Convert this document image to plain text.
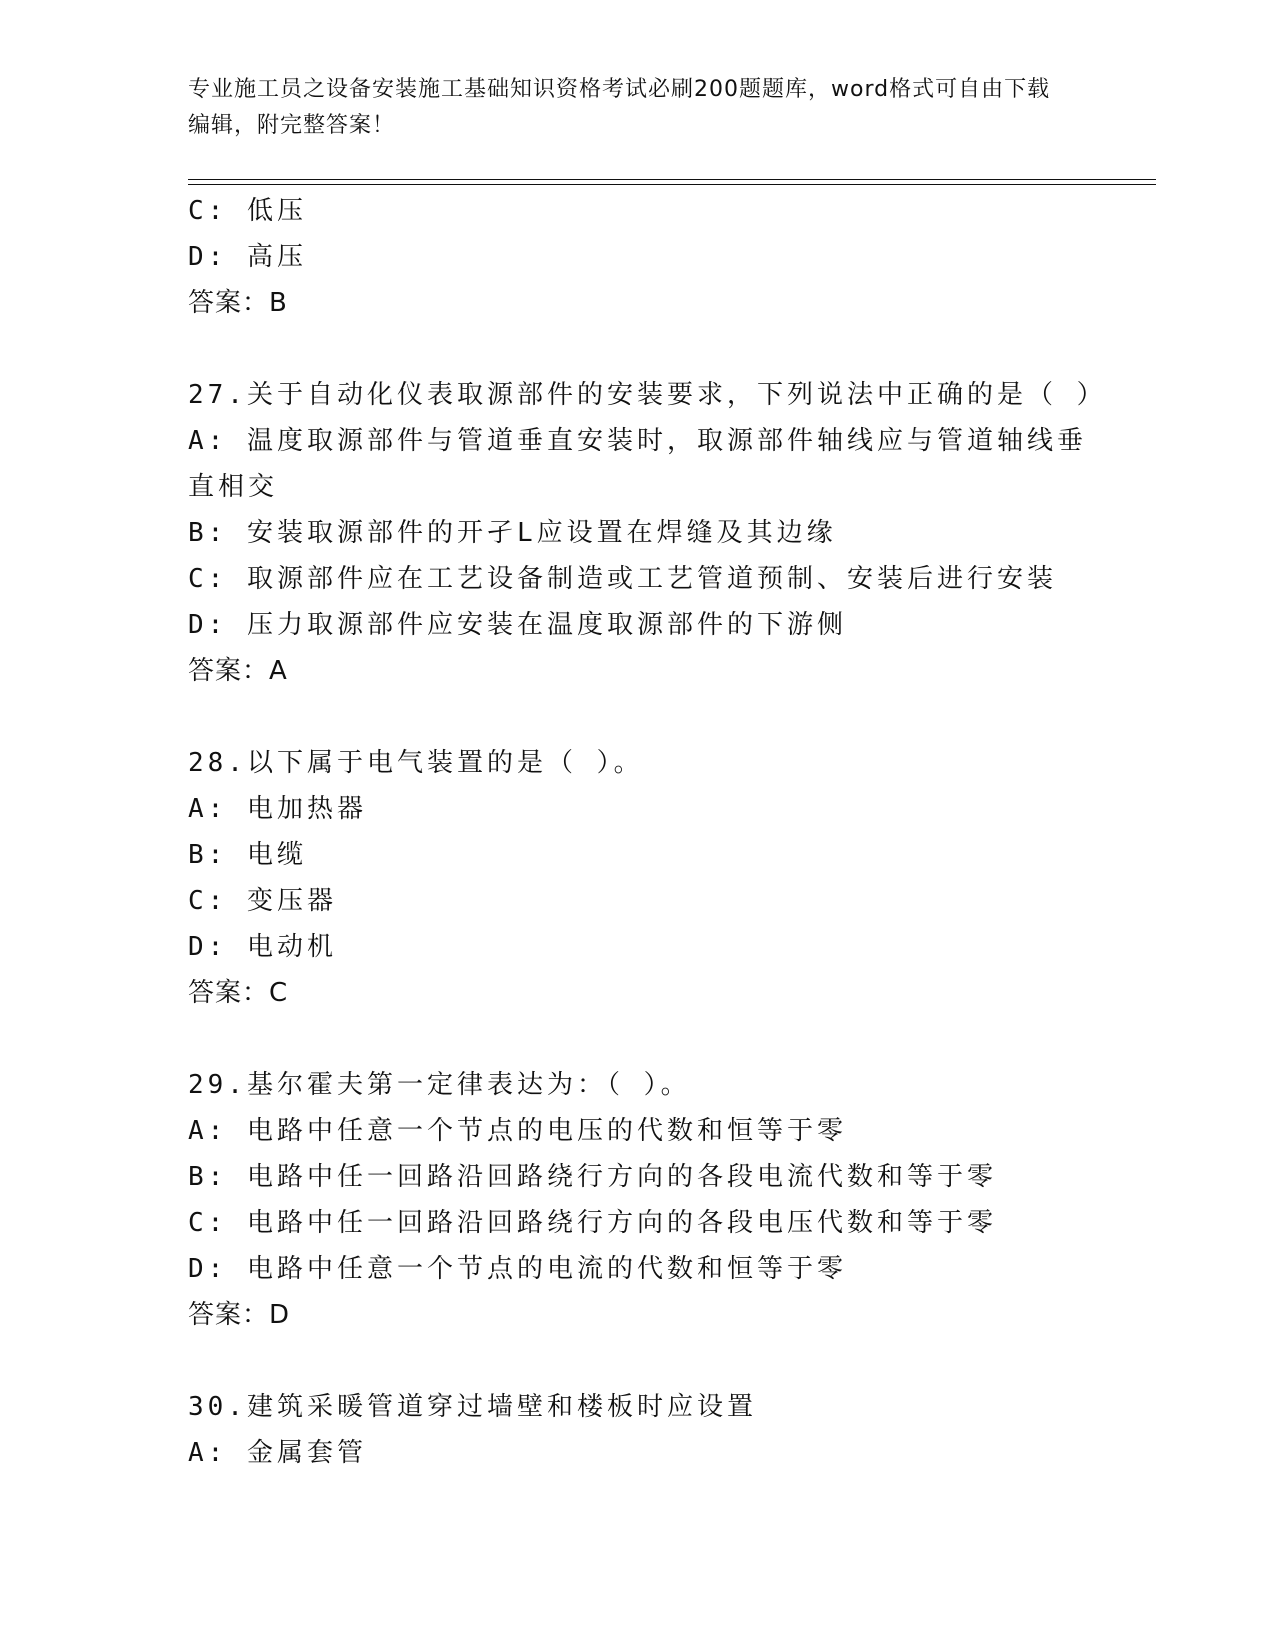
专业施工员之设备安装施工基础知识资格考试必刷200题题库，word格式可自由下载编辑，附完整答案！
C: 低压
D: 高压
答案：B
27.关于自动化仪表取源部件的安装要求，下列说法中正确的是（ ）
A: 温度取源部件与管道垂直安装时，取源部件轴线应与管道轴线垂直相交
B: 安装取源部件的开孑L应设置在焊缝及其边缘
C: 取源部件应在工艺设备制造或工艺管道预制、安装后进行安装
D: 压力取源部件应安装在温度取源部件的下游侧
答案：A
28.以下属于电气装置的是（ ）。
A: 电加热器
B: 电缆
C: 变压器
D: 电动机
答案：C
29.基尔霍夫第一定律表达为：（ ）。
A: 电路中任意一个节点的电压的代数和恒等于零
B: 电路中任一回路沿回路绕行方向的各段电流代数和等于零
C: 电路中任一回路沿回路绕行方向的各段电压代数和等于零
D: 电路中任意一个节点的电流的代数和恒等于零
答案：D
30.建筑采暖管道穿过墙壁和楼板时应设置
A: 金属套管
